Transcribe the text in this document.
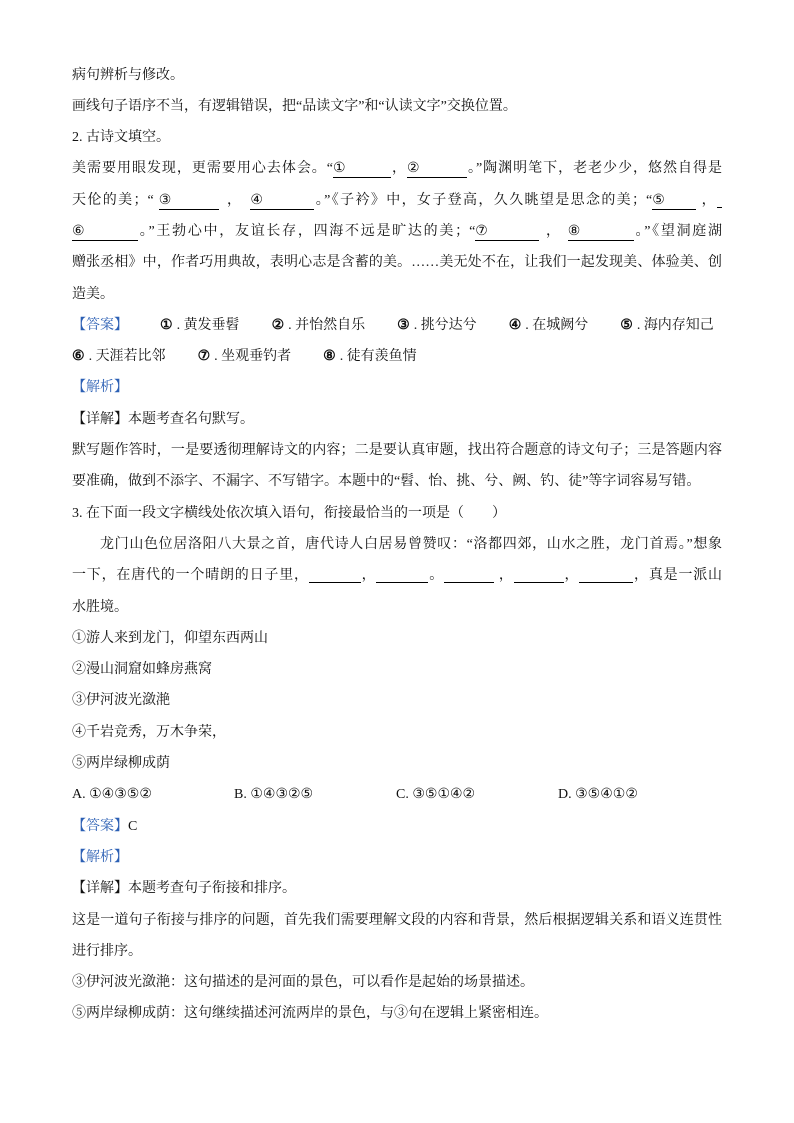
病句辨析与修改。
画线句子语序不当，有逻辑错误，把“品读文字”和“认读文字”交换位置。
2. 古诗文填空。
美需要用眼发现，更需要用心去体会。“①	，②	。”陶渊明笔下，老老少少，悠然自得是
天伦的美；“ ③	， ④	。”《子衿》中，女子登高，久久眺望是思念的美；“⑤	，
⑥	。”王勃心中，友谊长存，四海不远是旷达的美；“⑦	， ⑧	。”《望洞庭湖
赠张丞相》中，作者巧用典故，表明心志是含蓄的美。……美无处不在，让我们一起发现美、体验美、创
造美。
【答案】 ① . 黄发垂髫 ② . 并怡然自乐 ③ . 挑兮达兮 ④ . 在城阙兮 ⑤ . 海内存知己
⑥ . 天涯若比邻 ⑦ . 坐观垂钓者 ⑧ . 徒有羡鱼情
【解析】
【详解】本题考查名句默写。
默写题作答时，一是要透彻理解诗文的内容；二是要认真审题，找出符合题意的诗文句子；三是答题内容
要准确，做到不添字、不漏字、不写错字。本题中的“髫、怡、挑、兮、阙、钓、徒”等字词容易写错。
3. 在下面一段文字横线处依次填入语句，衔接最恰当的一项是（　　）
龙门山色位居洛阳八大景之首，唐代诗人白居易曾赞叹：“洛都四郊，山水之胜，龙门首焉。”想象
一下，在唐代的一个晴朗的日子里，	，	。	，	，	，真是一派山
水胜境。
①游人来到龙门，仰望东西两山
②漫山洞窟如蜂房燕窝
③伊河波光潋滟
④千岩竞秀，万木争荣，
⑤两岸绿柳成荫
A. ①④③⑤②	B. ①④③②⑤	C. ③⑤①④②	D. ③⑤④①②
【答案】C
【解析】
【详解】本题考查句子衔接和排序。
这是一道句子衔接与排序的问题，首先我们需要理解文段的内容和背景，然后根据逻辑关系和语义连贯性
进行排序。
③伊河波光潋滟：这句描述的是河面的景色，可以看作是起始的场景描述。
⑤两岸绿柳成荫：这句继续描述河流两岸的景色，与③句在逻辑上紧密相连。
